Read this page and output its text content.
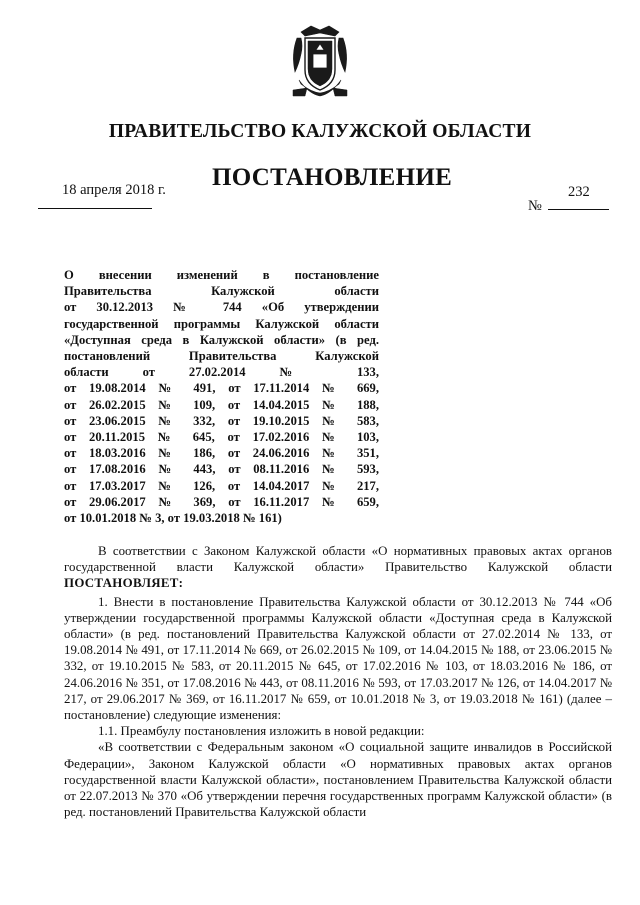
ПРАВИТЕЛЬСТВО КАЛУЖСКОЙ ОБЛАСТИ
ПОСТАНОВЛЕНИЕ
18 апреля 2018 г.
№
232
О внесении изменений в постановление
Правительства Калужской области
от 30.12.2013 № 744 «Об утверждении
государственной программы Калужской области
«Доступная среда в Калужской области» (в ред.
постановлений Правительства Калужской
области от 27.02.2014 № 133,
от 19.08.2014 № 491, от 17.11.2014 № 669,
от 26.02.2015 № 109, от 14.04.2015 № 188,
от 23.06.2015 № 332, от 19.10.2015 № 583,
от 20.11.2015 № 645, от 17.02.2016 № 103,
от 18.03.2016 № 186, от 24.06.2016 № 351,
от 17.08.2016 № 443, от 08.11.2016 № 593,
от 17.03.2017 № 126, от 14.04.2017 № 217,
от 29.06.2017 № 369, от 16.11.2017 № 659,
от 10.01.2018 № 3, от 19.03.2018 № 161)

В соответствии с Законом Калужской области «О нормативных правовых актах органов государственной власти Калужской области» Правительство Калужской области ПОСТАНОВЛЯЕТ:

1. Внести в постановление Правительства Калужской области от 30.12.2013 № 744 «Об утверждении государственной программы Калужской области «Доступная среда в Калужской области» (в ред. постановлений Правительства Калужской области от 27.02.2014 № 133, от 19.08.2014 № 491, от 17.11.2014 № 669, от 26.02.2015 № 109, от 14.04.2015 № 188, от 23.06.2015 № 332, от 19.10.2015 № 583, от 20.11.2015 № 645, от 17.02.2016 № 103, от 18.03.2016 № 186, от 24.06.2016 № 351, от 17.08.2016 № 443, от 08.11.2016 № 593, от 17.03.2017 № 126, от 14.04.2017 № 217, от 29.06.2017 № 369, от 16.11.2017 № 659, от 10.01.2018 № 3, от 19.03.2018 № 161) (далее – постановление) следующие изменения:

1.1. Преамбулу постановления изложить в новой редакции:

«В соответствии с Федеральным законом «О социальной защите инвалидов в Российской Федерации», Законом Калужской области «О нормативных правовых актах органов государственной власти Калужской области», постановлением Правительства Калужской области от 22.07.2013 № 370 «Об утверждении перечня государственных программ Калужской области» (в ред. постановлений Правительства Калужской области
